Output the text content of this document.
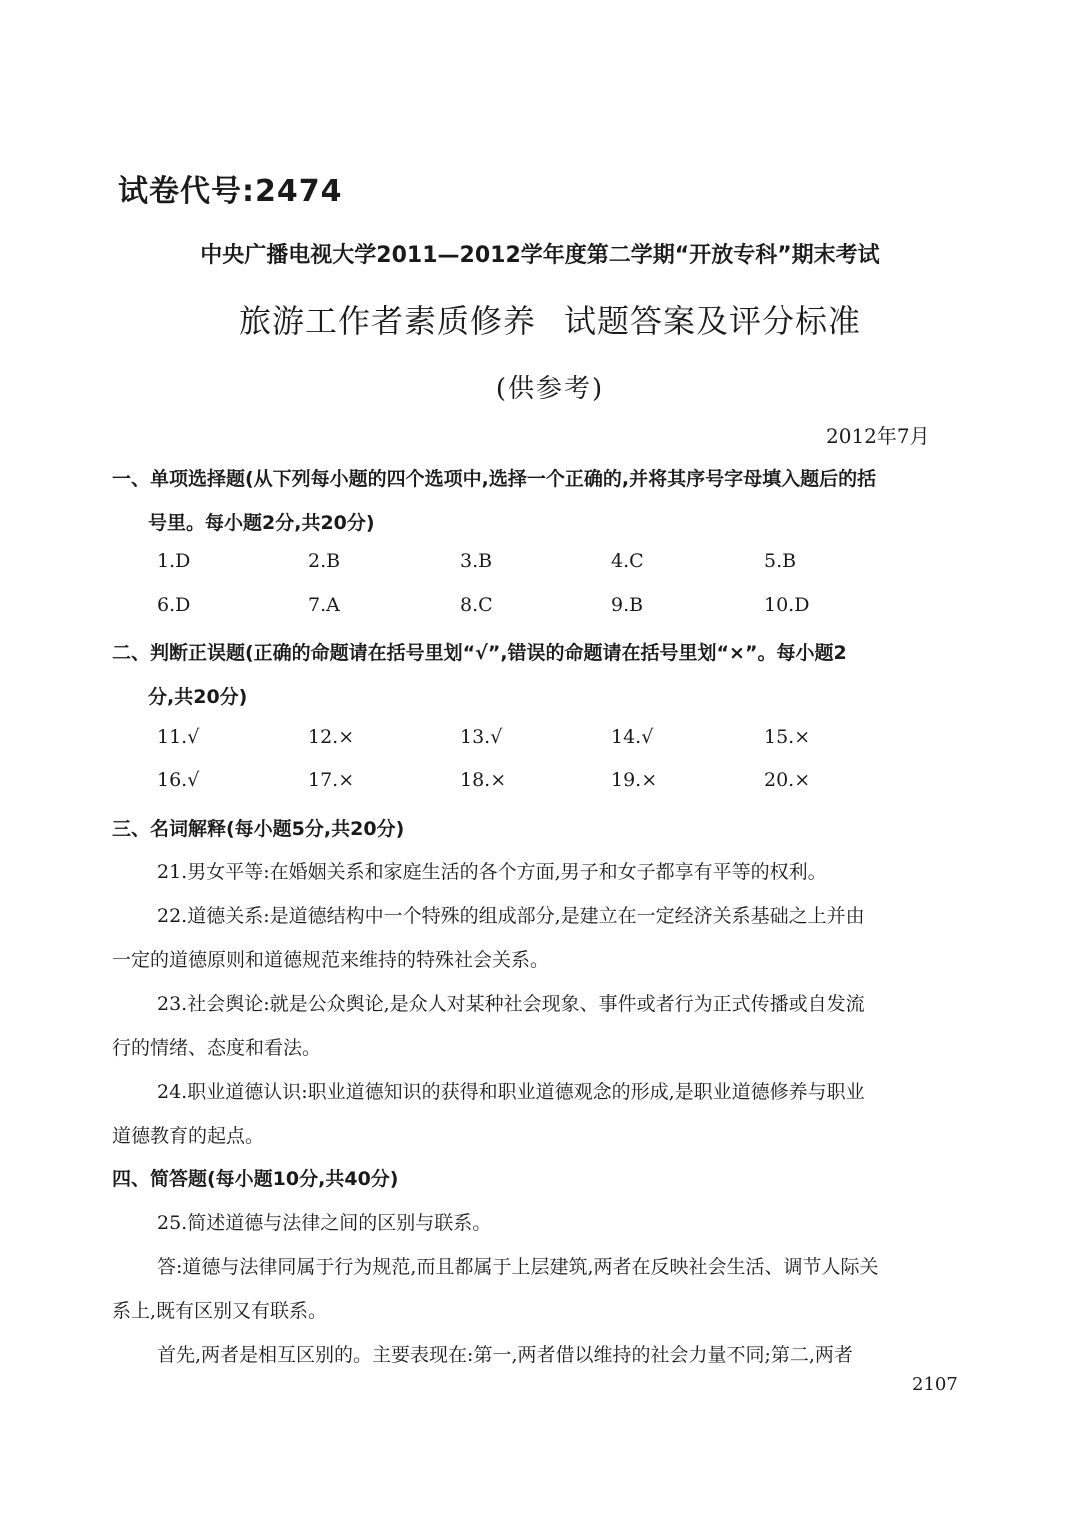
试卷代号:2474
中央广播电视大学2011—2012学年度第二学期“开放专科”期末考试
旅游工作者素质修养 试题答案及评分标准
(供参考)
2012年7月
一、单项选择题(从下列每小题的四个选项中,选择一个正确的,并将其序号字母填入题后的括
号里。每小题2分,共20分)
1.D	2.B	3.B	4.C	5.B
6.D	7.A	8.C	9.B	10.D
二、判断正误题(正确的命题请在括号里划“√”,错误的命题请在括号里划“×”。每小题2
分,共20分)
11.√	12.×	13.√	14.√	15.×
16.√	17.×	18.×	19.×	20.×
三、名词解释(每小题5分,共20分)
21.男女平等:在婚姻关系和家庭生活的各个方面,男子和女子都享有平等的权利。
22.道德关系:是道德结构中一个特殊的组成部分,是建立在一定经济关系基础之上并由
一定的道德原则和道德规范来维持的特殊社会关系。
23.社会舆论:就是公众舆论,是众人对某种社会现象、事件或者行为正式传播或自发流
行的情绪、态度和看法。
24.职业道德认识:职业道德知识的获得和职业道德观念的形成,是职业道德修养与职业
道德教育的起点。
四、简答题(每小题10分,共40分)
25.简述道德与法律之间的区别与联系。
答:道德与法律同属于行为规范,而且都属于上层建筑,两者在反映社会生活、调节人际关
系上,既有区别又有联系。
首先,两者是相互区别的。主要表现在:第一,两者借以维持的社会力量不同;第二,两者
2107
